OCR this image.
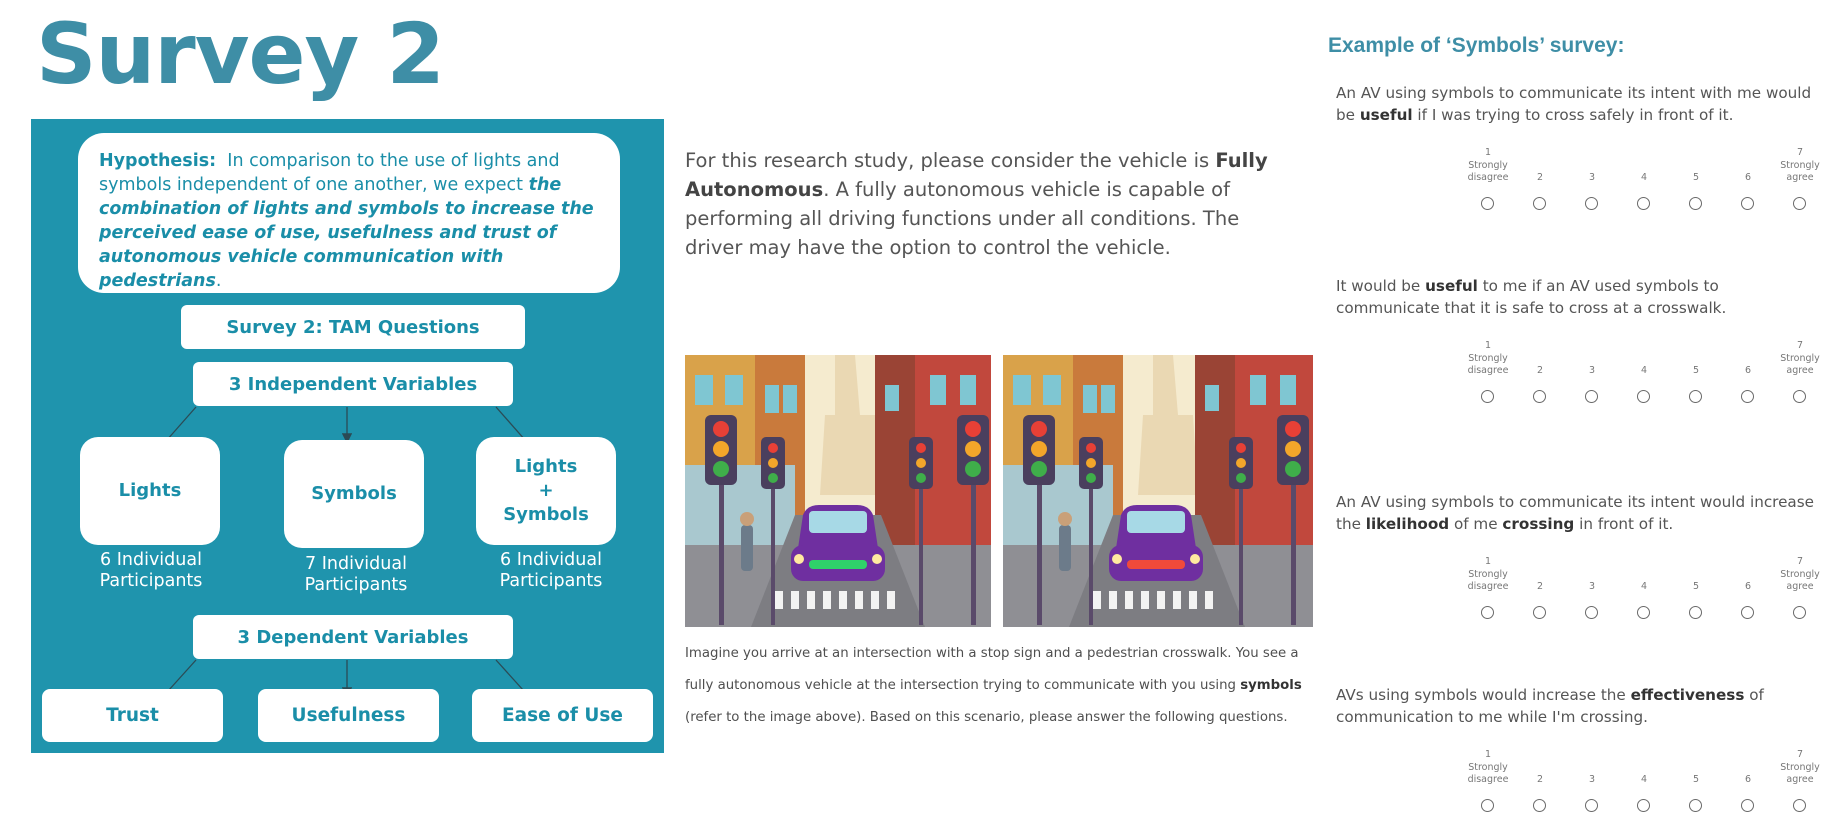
Survey 2
Hypothesis: In comparison to the use of lights and symbols independent of one another, we expect the combination of lights and symbols to increase the perceived ease of use, usefulness and trust of autonomous vehicle communication with pedestrians.
Survey 2: TAM Questions
3 Independent Variables
Lights	Symbols
Lights
+
Symbols
6 Individual Participants
7 Individual Participants
6 Individual Participants
3 Dependent Variables
Trust	Usefulness	Ease of Use
For this research study, please consider the vehicle is Fully Autonomous. A fully autonomous vehicle is capable of performing all driving functions under all conditions. The driver may have the option to control the vehicle.
Imagine you arrive at an intersection with a stop sign and a pedestrian crosswalk. You see a fully autonomous vehicle at the intersection trying to communicate with you using symbols (refer to the image above). Based on this scenario, please answer the following questions.
Example of ‘Symbols’ survey:
An AV using symbols to communicate its intent with me would be useful if I was trying to cross safely in front of it.
It would be useful to me if an AV used symbols to communicate that it is safe to cross at a crosswalk.
An AV using symbols to communicate its intent would increase the likelihood of me crossing in front of it.
AVs using symbols would increase the effectiveness of communication to me while I'm crossing.
1
Strongly
disagree	2	3	4	5	6
7
Strongly
agree
1
Strongly
disagree	2	3	4	5	6
7
Strongly
agree
1
Strongly
disagree	2	3	4	5	6
7
Strongly
agree
1
Strongly
disagree	2	3	4	5	6
7
Strongly
agree
